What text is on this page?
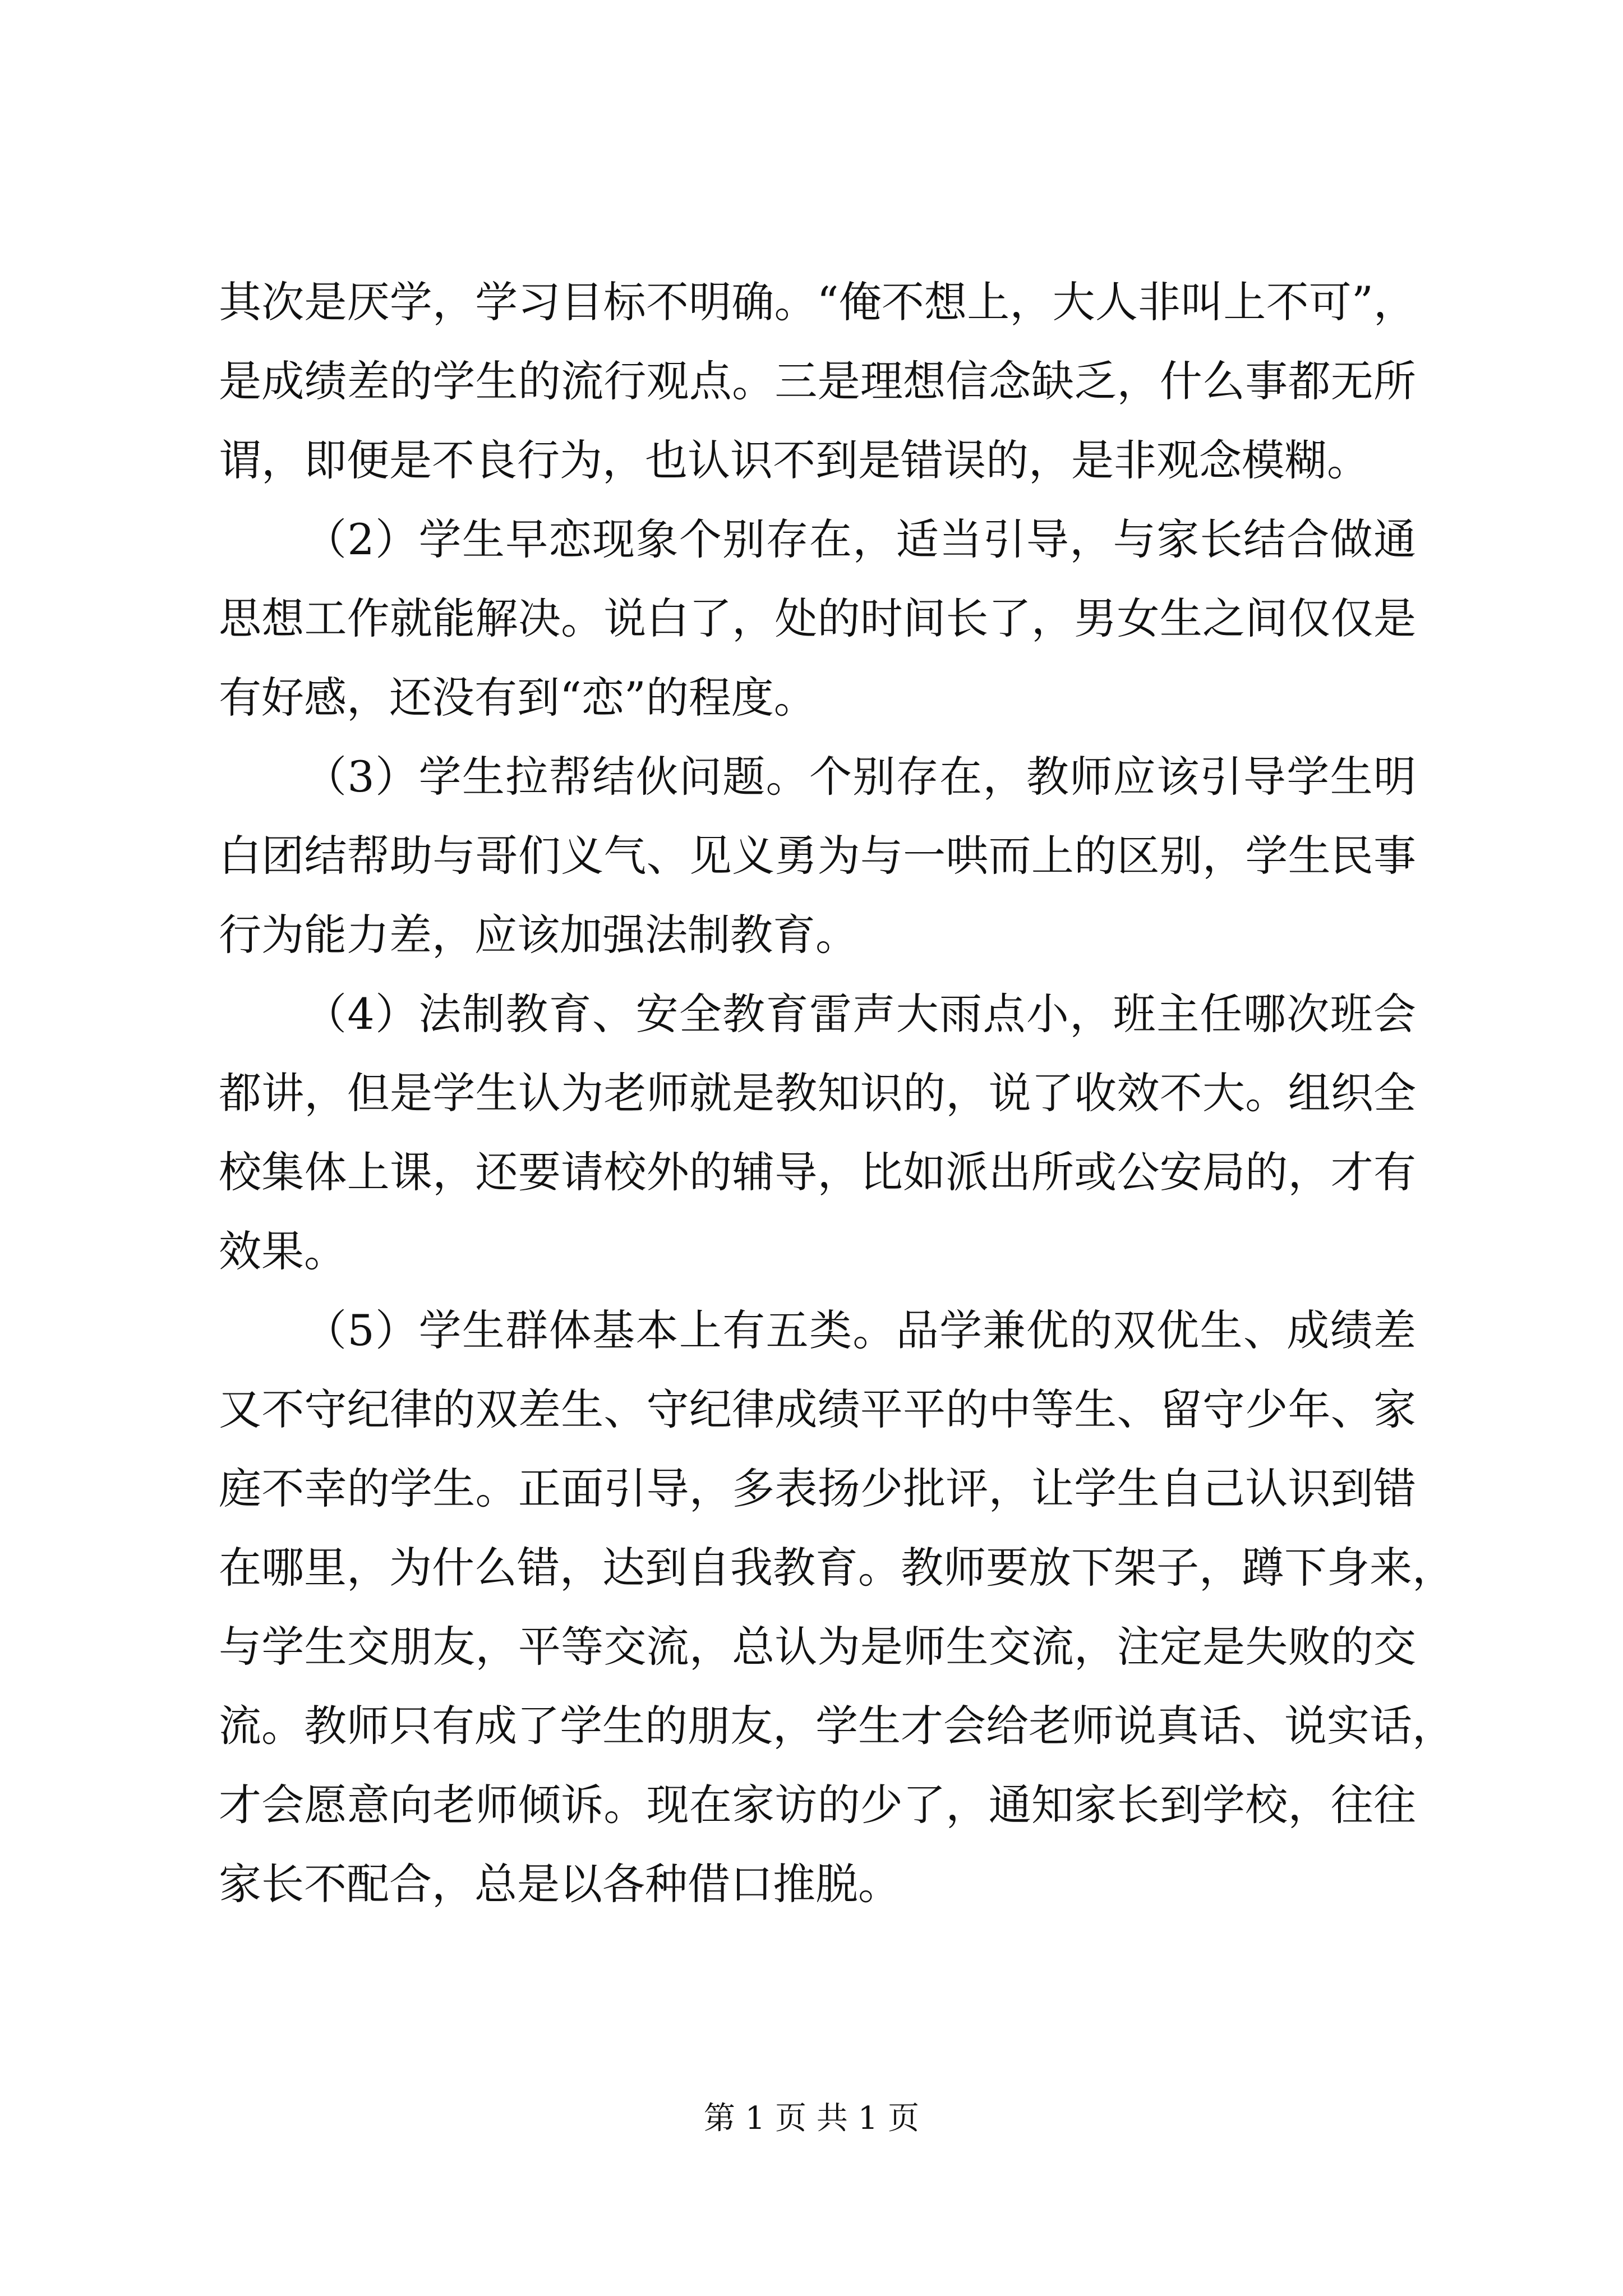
其次是厌学，学习目标不明确。“俺不想上，大人非叫上不可”，
是成绩差的学生的流行观点。三是理想信念缺乏，什么事都无所
谓，即便是不良行为，也认识不到是错误的，是非观念模糊。
（2）学生早恋现象个别存在，适当引导，与家长结合做通
思想工作就能解决。说白了，处的时间长了，男女生之间仅仅是
有好感，还没有到“恋”的程度。
（3）学生拉帮结伙问题。个别存在，教师应该引导学生明
白团结帮助与哥们义气、见义勇为与一哄而上的区别，学生民事
行为能力差，应该加强法制教育。
（4）法制教育、安全教育雷声大雨点小，班主任哪次班会
都讲，但是学生认为老师就是教知识的，说了收效不大。组织全
校集体上课，还要请校外的辅导，比如派出所或公安局的，才有
效果。
（5）学生群体基本上有五类。品学兼优的双优生、成绩差
又不守纪律的双差生、守纪律成绩平平的中等生、留守少年、家
庭不幸的学生。正面引导，多表扬少批评，让学生自己认识到错
在哪里，为什么错，达到自我教育。教师要放下架子，蹲下身来，
与学生交朋友，平等交流，总认为是师生交流，注定是失败的交
流。教师只有成了学生的朋友，学生才会给老师说真话、说实话，
才会愿意向老师倾诉。现在家访的少了，通知家长到学校，往往
家长不配合，总是以各种借口推脱。
第 1 页 共 1 页
